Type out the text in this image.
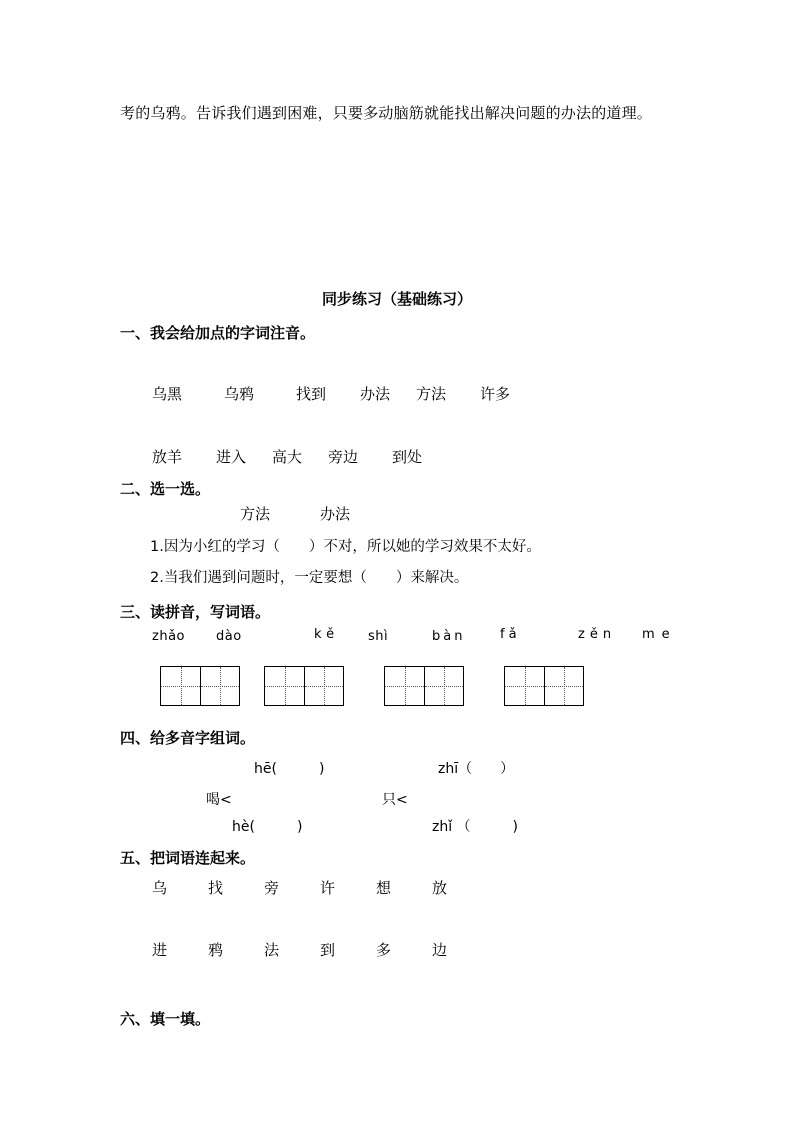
考的乌鸦。告诉我们遇到困难，只要多动脑筋就能找出解决问题的办法的道理。
同步练习（基础练习）
一、我会给加点的字词注音。
乌黑	乌鸦	找到 办法 方法 许多
放羊 进入 高大 旁边 到处
二、选一选。
方法	办法
1.因为小红的学习（　　）不对，所以她的学习效果不太好。
2.当我们遇到问题时，一定要想（　　）来解决。
三、读拼音，写词语。
zhǎo dào	kě shì	bàn	fǎ	zěn me
四、给多音字组词。
hē(　　　)	zhī（　　）
喝<	只<
hè(　　　)	zhǐ （　　　)
五、把词语连起来。
乌	找	旁	许	想	放
进	鸦	法	到	多	边
六、填一填。
